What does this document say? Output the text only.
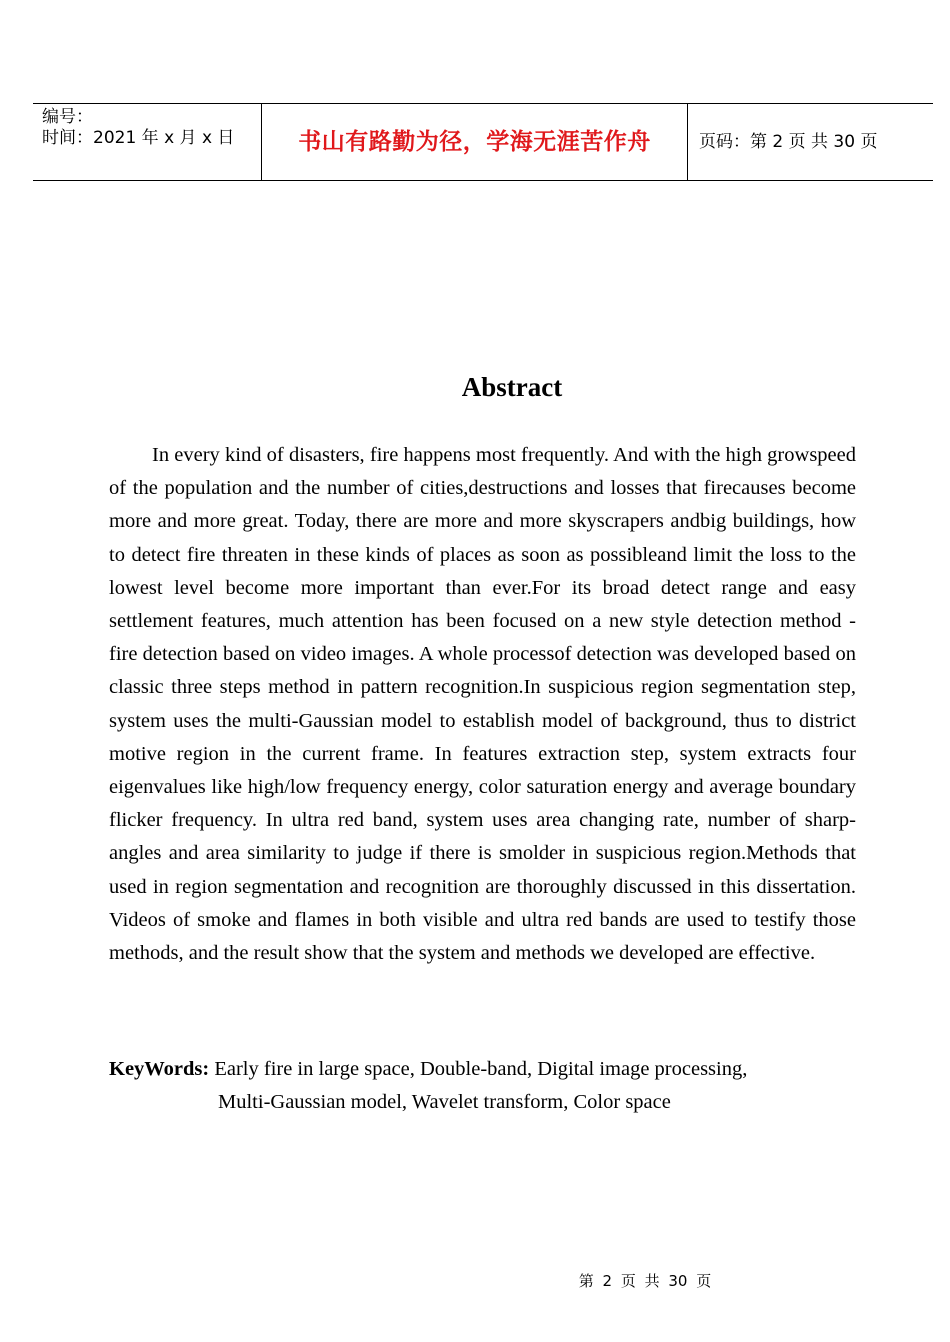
编号：
时间：2021 年 x 月 x 日	书山有路勤为径，学海无涯苦作舟	页码：第 2 页 共 30 页
Abstract

In every kind of disasters, fire happens most frequently. And with the high growspeed of the population and the number of cities,destructions and losses that firecauses become more and more great. Today, there are more and more skyscrapers andbig buildings, how to detect fire threaten in these kinds of places as soon as possibleand limit the loss to the lowest level become more important than ever.For its broad detect range and easy settlement features, much attention has been focused on a new style detection method - fire detection based on video images. A whole processof detection was developed based on classic three steps method in pattern recognition.In suspicious region segmentation step, system uses the multi-Gaussian model to establish model of background, thus to district motive region in the current frame. In features extraction step, system extracts four eigenvalues like high/low frequency energy, color saturation energy and average boundary flicker frequency. In ultra red band, system uses area changing rate, number of sharp-angles and area similarity to judge if there is smolder in suspicious region.Methods that used in region segmentation and recognition are thoroughly discussed in this dissertation. Videos of smoke and flames in both visible and ultra red bands are used to testify those methods, and the result show that the system and methods we developed are effective.

KeyWords: Early fire in large space, Double-band, Digital image processing,
Multi-Gaussian model, Wavelet transform, Color space
第 2 页 共 30 页
